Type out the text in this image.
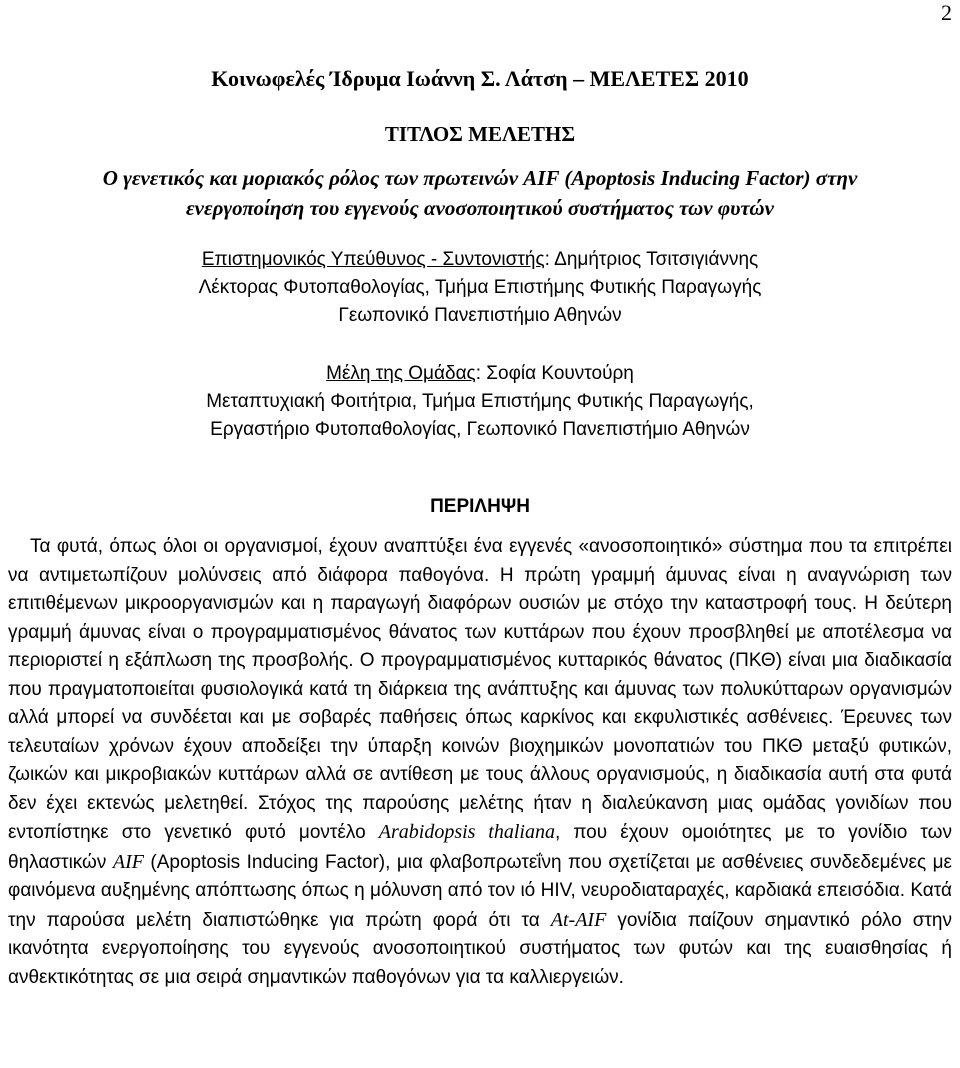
2
Κοινωφελές Ίδρυμα Ιωάννη Σ. Λάτση – ΜΕΛΕΤΕΣ 2010
ΤΙΤΛΟΣ ΜΕΛΕΤΗΣ
Ο γενετικός και μοριακός ρόλος των πρωτεινών AIF (Apoptosis Inducing Factor) στην
ενεργοποίηση του εγγενούς ανοσοποιητικού συστήματος των φυτών
Επιστημονικός Υπεύθυνος - Συντονιστής: Δημήτριος Τσιτσιγιάννης
Λέκτορας Φυτοπαθολογίας, Τμήμα Επιστήμης Φυτικής Παραγωγής
Γεωπονικό Πανεπιστήμιο Αθηνών
Μέλη της Ομάδας: Σοφία Κουντούρη
Μεταπτυχιακή Φοιτήτρια, Τμήμα Επιστήμης Φυτικής Παραγωγής,
Εργαστήριο Φυτοπαθολογίας, Γεωπονικό Πανεπιστήμιο Αθηνών
ΠΕΡΙΛΗΨΗ

Τα φυτά, όπως όλοι οι οργανισμοί, έχουν αναπτύξει ένα εγγενές «ανοσοποιητικό» σύστημα που τα επιτρέπει να αντιμετωπίζουν μολύνσεις από διάφορα παθογόνα. Η πρώτη γραμμή άμυνας είναι η αναγνώριση των επιτιθέμενων μικροοργανισμών και η παραγωγή διαφόρων ουσιών με στόχο την καταστροφή τους. Η δεύτερη γραμμή άμυνας είναι ο προγραμματισμένος θάνατος των κυττάρων που έχουν προσβληθεί με αποτέλεσμα να περιοριστεί η εξάπλωση της προσβολής. Ο προγραμματισμένος κυτταρικός θάνατος (ΠΚΘ) είναι μια διαδικασία που πραγματοποιείται φυσιολογικά κατά τη διάρκεια της ανάπτυξης και άμυνας των πολυκύτταρων οργανισμών αλλά μπορεί να συνδέεται και με σοβαρές παθήσεις όπως καρκίνος και εκφυλιστικές ασθένειες. Έρευνες των τελευταίων χρόνων έχουν αποδείξει την ύπαρξη κοινών βιοχημικών μονοπατιών του ΠΚΘ μεταξύ φυτικών, ζωικών και μικροβιακών κυττάρων αλλά σε αντίθεση με τους άλλους οργανισμούς, η διαδικασία αυτή στα φυτά δεν έχει εκτενώς μελετηθεί. Στόχος της παρούσης μελέτης ήταν η διαλεύκανση μιας ομάδας γονιδίων που εντοπίστηκε στο γενετικό φυτό μοντέλο Arabidopsis thaliana, που έχουν ομοιότητες με το γονίδιο των θηλαστικών AIF (Apoptosis Inducing Factor), μια φλαβοπρωτεΐνη που σχετίζεται με ασθένειες συνδεδεμένες με φαινόμενα αυξημένης απόπτωσης όπως η μόλυνση από τον ιό HIV, νευροδιαταραχές, καρδιακά επεισόδια. Κατά την παρούσα μελέτη διαπιστώθηκε για πρώτη φορά ότι τα At-AIF γονίδια παίζουν σημαντικό ρόλο στην ικανότητα ενεργοποίησης του εγγενούς ανοσοποιητικού συστήματος των φυτών και της ευαισθησίας ή ανθεκτικότητας σε μια σειρά σημαντικών παθογόνων για τα καλλιεργειών.
